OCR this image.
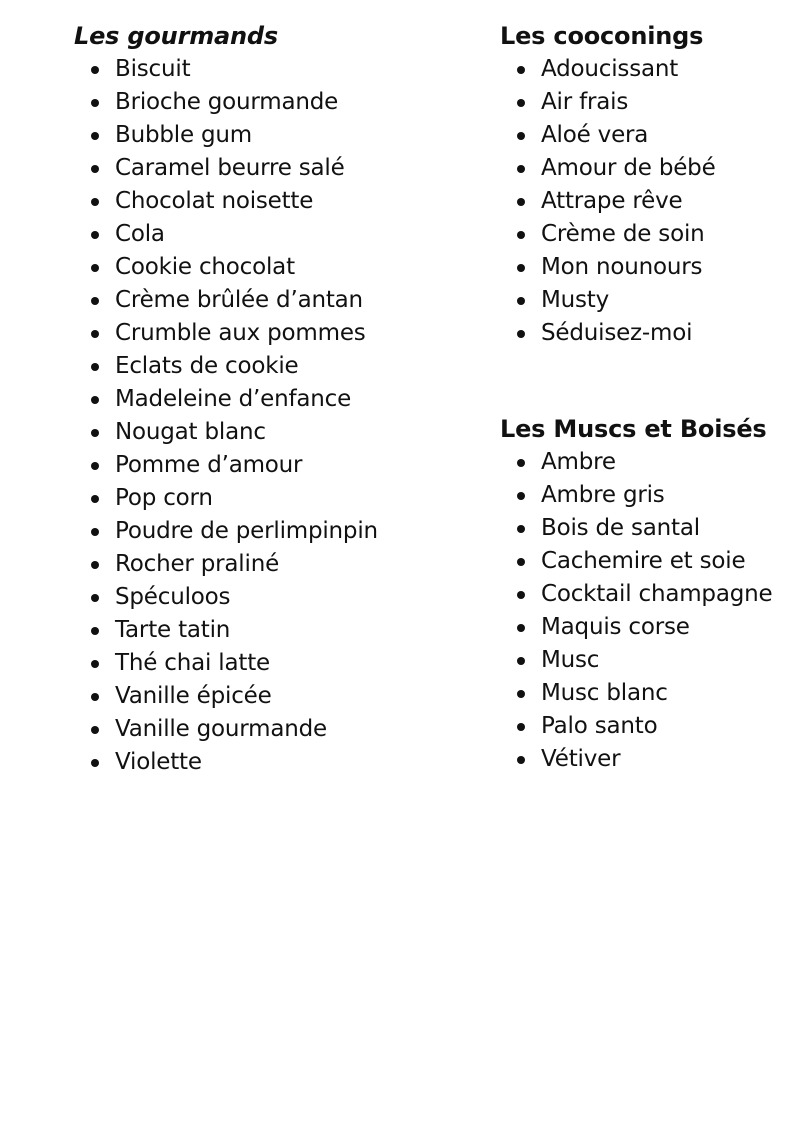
Les gourmands
Biscuit
Brioche gourmande
Bubble gum
Caramel beurre salé
Chocolat noisette
Cola
Cookie chocolat
Crème brûlée d’antan
Crumble aux pommes
Eclats de cookie
Madeleine d’enfance
Nougat blanc
Pomme d’amour
Pop corn
Poudre de perlimpinpin
Rocher praliné
Spéculoos
Tarte tatin
Thé chai latte
Vanille épicée
Vanille gourmande
Violette
Les cooconings
Adoucissant
Air frais
Aloé vera
Amour de bébé
Attrape rêve
Crème de soin
Mon nounours
Musty
Séduisez-moi
Les Muscs et Boisés
Ambre
Ambre gris
Bois de santal
Cachemire et soie
Cocktail champagne
Maquis corse
Musc
Musc blanc
Palo santo
Vétiver
